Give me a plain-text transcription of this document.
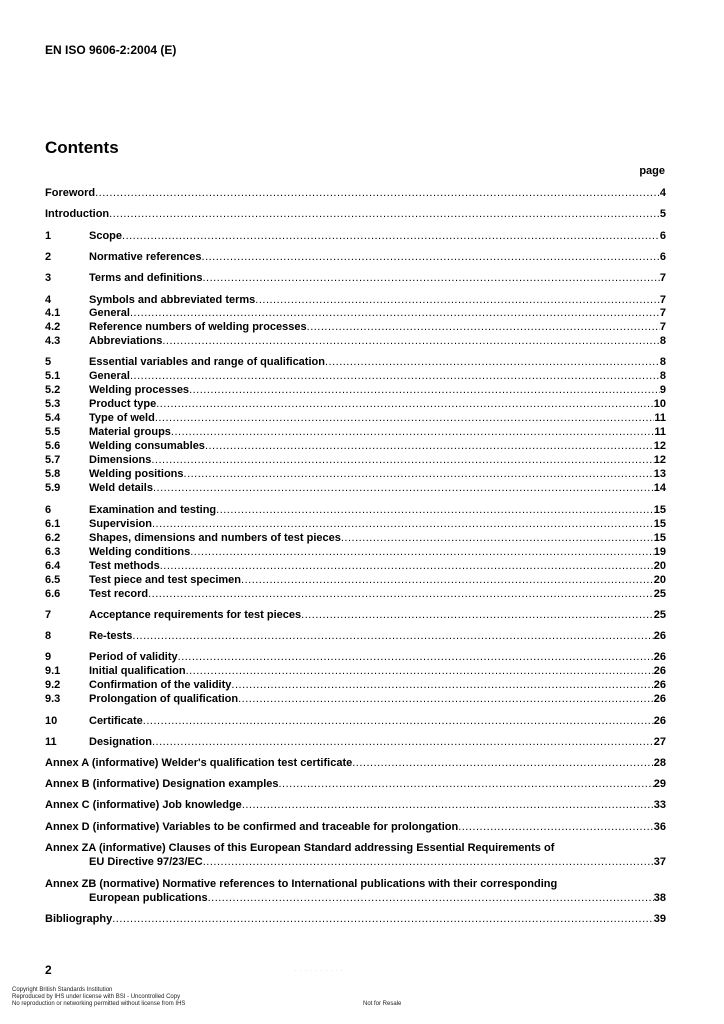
EN ISO 9606-2:2004 (E)
Contents
page
Foreword .....	4
Introduction .....	5
1	Scope .....	6
2	Normative references .....	6
3	Terms and definitions .....	7
4	Symbols and abbreviated terms .....	7
4.1	General .....	7
4.2	Reference numbers of welding processes .....	7
4.3	Abbreviations .....	8
5	Essential variables and range of qualification .....	8
5.1	General .....	8
5.2	Welding processes .....	9
5.3	Product type .....	10
5.4	Type of weld .....	11
5.5	Material groups .....	11
5.6	Welding consumables .....	12
5.7	Dimensions .....	12
5.8	Welding positions .....	13
5.9	Weld details .....	14
6	Examination and testing .....	15
6.1	Supervision .....	15
6.2	Shapes, dimensions and numbers of test pieces .....	15
6.3	Welding conditions .....	19
6.4	Test methods .....	20
6.5	Test piece and test specimen .....	20
6.6	Test record .....	25
7	Acceptance requirements for test pieces .....	25
8	Re-tests .....	26
9	Period of validity .....	26
9.1	Initial qualification .....	26
9.2	Confirmation of the validity .....	26
9.3	Prolongation of qualification .....	26
10	Certificate .....	26
11	Designation .....	27
Annex A (informative) Welder's qualification test certificate .....	28
Annex B (informative) Designation examples .....	29
Annex C (informative) Job knowledge .....	33
Annex D (informative) Variables to be confirmed and traceable for prolongation .....	36
Annex ZA (informative) Clauses of this European Standard addressing Essential Requirements of
EU Directive 97/23/EC .....	37
Annex ZB (normative) Normative references to International publications with their corresponding
European publications .....	38
Bibliography .....	39
2	· · · · · · · · · ·
Copyright British Standards Institution
Reproduced by IHS under license with BSI - Uncontrolled Copy
No reproduction or networking permitted without license from IHS	Not for Resale
